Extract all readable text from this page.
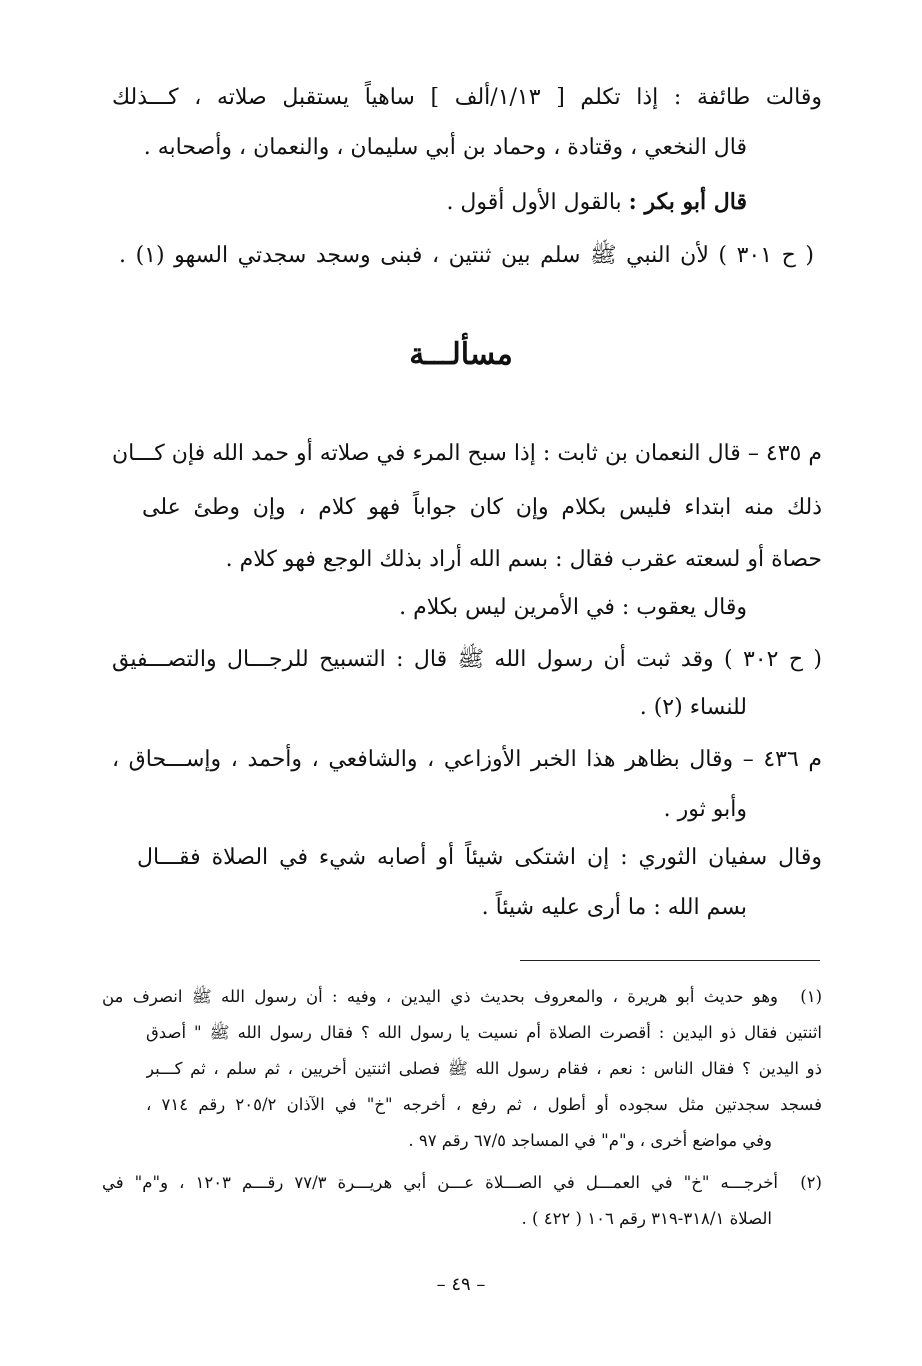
وقالت طائفة : إذا تكلم [ ١/١٣/ألف ] ساهياً يستقبل صلاته ، كـــذلك
قال النخعي ، وقتادة ، وحماد بن أبي سليمان ، والنعمان ، وأصحابه .
قال أبو بكر : بالقول الأول أقول .
( ح ٣٠١ ) لأن النبي ﷺ سلم بين ثنتين ، فبنى وسجد سجدتي السهو (١) .
مسألـــة
م ٤٣٥ – قال النعمان بن ثابت : إذا سبح المرء في صلاته أو حمد الله فإن كـــان
ذلك منه ابتداء فليس بكلام وإن كان جواباً فهو كلام ، وإن وطئ على
حصاة أو لسعته عقرب فقال : بسم الله أراد بذلك الوجع فهو كلام .
وقال يعقوب : في الأمرين ليس بكلام .
( ح ٣٠٢ ) وقد ثبت أن رسول الله ﷺ قال : التسبيح للرجـــال والتصـــفيق
للنساء (٢) .
م ٤٣٦ – وقال بظاهر هذا الخبر الأوزاعي ، والشافعي ، وأحمد ، وإســـحاق ،
وأبو ثور .
وقال سفيان الثوري : إن اشتكى شيئاً أو أصابه شيء في الصلاة فقـــال
بسم الله : ما أرى عليه شيئاً .
(١)وهو حديث أبو هريرة ، والمعروف بحديث ذي اليدين ، وفيه : أن رسول الله ﷺ انصرف من
اثنتين فقال ذو اليدين : أقصرت الصلاة أم نسيت يا رسول الله ؟ فقال رسول الله ﷺ " أصدق
ذو اليدين ؟ فقال الناس : نعم ، فقام رسول الله ﷺ فصلى اثنتين أخريين ، ثم سلم ، ثم كـــبر
فسجد سجدتين مثل سجوده أو أطول ، ثم رفع ، أخرجه "خ" في الآذان ٢٠٥/٢ رقم ٧١٤ ،
وفي مواضع أخرى ، و"م" في المساجد ٦٧/٥ رقم ٩٧ .
(٢)أخرجـــه "خ" في العمـــل في الصـــلاة عـــن أبي هريـــرة ٧٧/٣ رقـــم ١٢٠٣ ، و"م" في
الصلاة ٣١٨/١-٣١٩ رقم ١٠٦ ( ٤٢٢ ) .
– ٤٩ –
